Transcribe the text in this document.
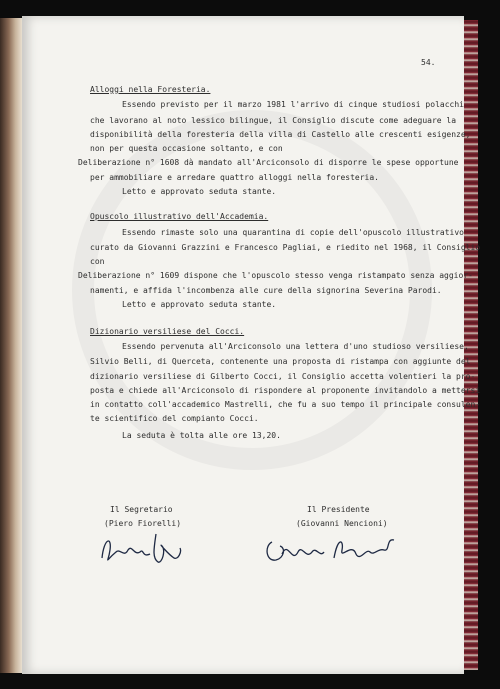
54.
Alloggi nella Foresteria.
Essendo previsto per il marzo 1981 l'arrivo di cinque studiosi polacchi
che lavorano al noto lessico bilingue, il Consiglio discute come adeguare la
disponibilità della foresteria della villa di Castello alle crescenti esigenze,
non per questa occasione soltanto, e con
Deliberazione n° 1608 dà mandato all'Arciconsolo di disporre le spese opportune
per ammobiliare e arredare quattro alloggi nella foresteria.
Letto e approvato seduta stante.
Opuscolo illustrativo dell'Accademia.
Essendo rimaste solo una quarantina di copie dell'opuscolo illustrativo
curato da Giovanni Grazzini e Francesco Pagliai, e riedito nel 1968, il Consiglio
con
Deliberazione n° 1609 dispone che l'opuscolo stesso venga ristampato senza aggior-
namenti, e affida l'incombenza alle cure della signorina Severina Parodi.
Letto e approvato seduta stante.
Dizionario versiliese del Cocci.
Essendo pervenuta all'Arciconsolo una lettera d'uno studioso versiliese,
Silvio Belli, di Querceta, contenente una proposta di ristampa con aggiunte del
dizionario versiliese di Gilberto Cocci, il Consiglio accetta volentieri la pro-
posta e chiede all'Arciconsolo di rispondere al proponente invitandolo a mettersi
in contatto coll'accademico Mastrelli, che fu a suo tempo il principale consulen-
te scientifico del compianto Cocci.
La seduta è tolta alle ore 13,20.
Il Segretario
(Piero Fiorelli)
Il Presidente
(Giovanni Nencioni)
